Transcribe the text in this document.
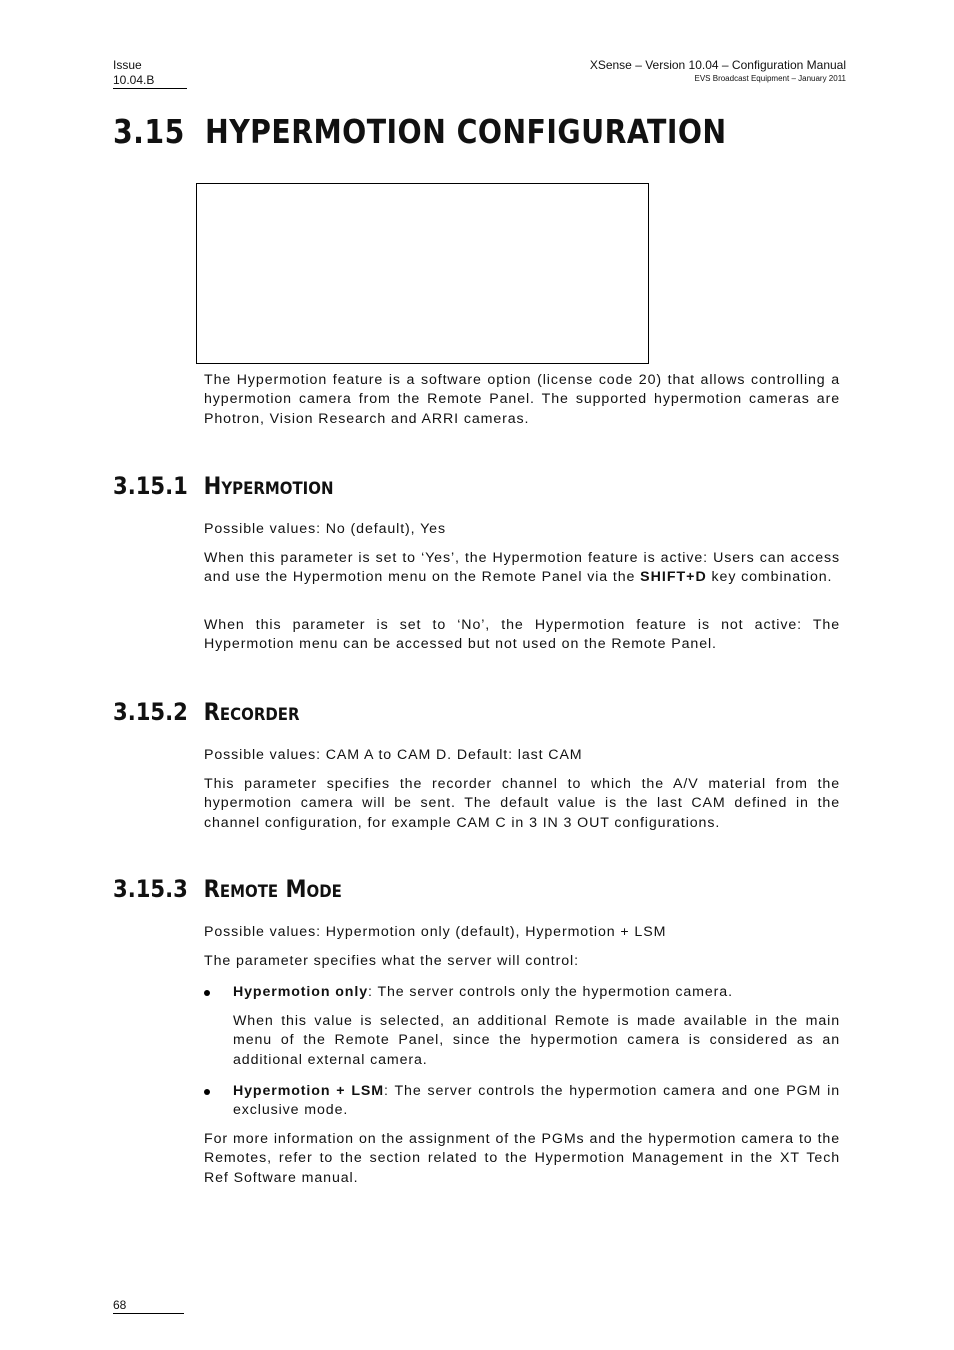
Issue
10.04.B
XSense – Version 10.04 – Configuration Manual
EVS Broadcast Equipment – January 2011
3.15 HYPERMOTION CONFIGURATION

The Hypermotion feature is a software option (license code 20) that allows controlling a hypermotion camera from the Remote Panel. The supported hypermotion cameras are Photron, Vision Research and ARRI cameras.

3.15.1 Hypermotion

Possible values: No (default), Yes

When this parameter is set to ‘Yes’, the Hypermotion feature is active: Users can access and use the Hypermotion menu on the Remote Panel via the SHIFT+D key combination.

When this parameter is set to ‘No’, the Hypermotion feature is not active: The Hypermotion menu can be accessed but not used on the Remote Panel.

3.15.2 Recorder

Possible values: CAM A to CAM D. Default: last CAM

This parameter specifies the recorder channel to which the A/V material from the hypermotion camera will be sent. The default value is the last CAM defined in the channel configuration, for example CAM C in 3 IN 3 OUT configurations.

3.15.3 Remote Mode

Possible values: Hypermotion only (default), Hypermotion + LSM

The parameter specifies what the server will control:

Hypermotion only: The server controls only the hypermotion camera.

When this value is selected, an additional Remote is made available in the main menu of the Remote Panel, since the hypermotion camera is considered as an additional external camera.

Hypermotion + LSM: The server controls the hypermotion camera and one PGM in exclusive mode.

For more information on the assignment of the PGMs and the hypermotion camera to the Remotes, refer to the section related to the Hypermotion Management in the XT Tech Ref Software manual.

68
